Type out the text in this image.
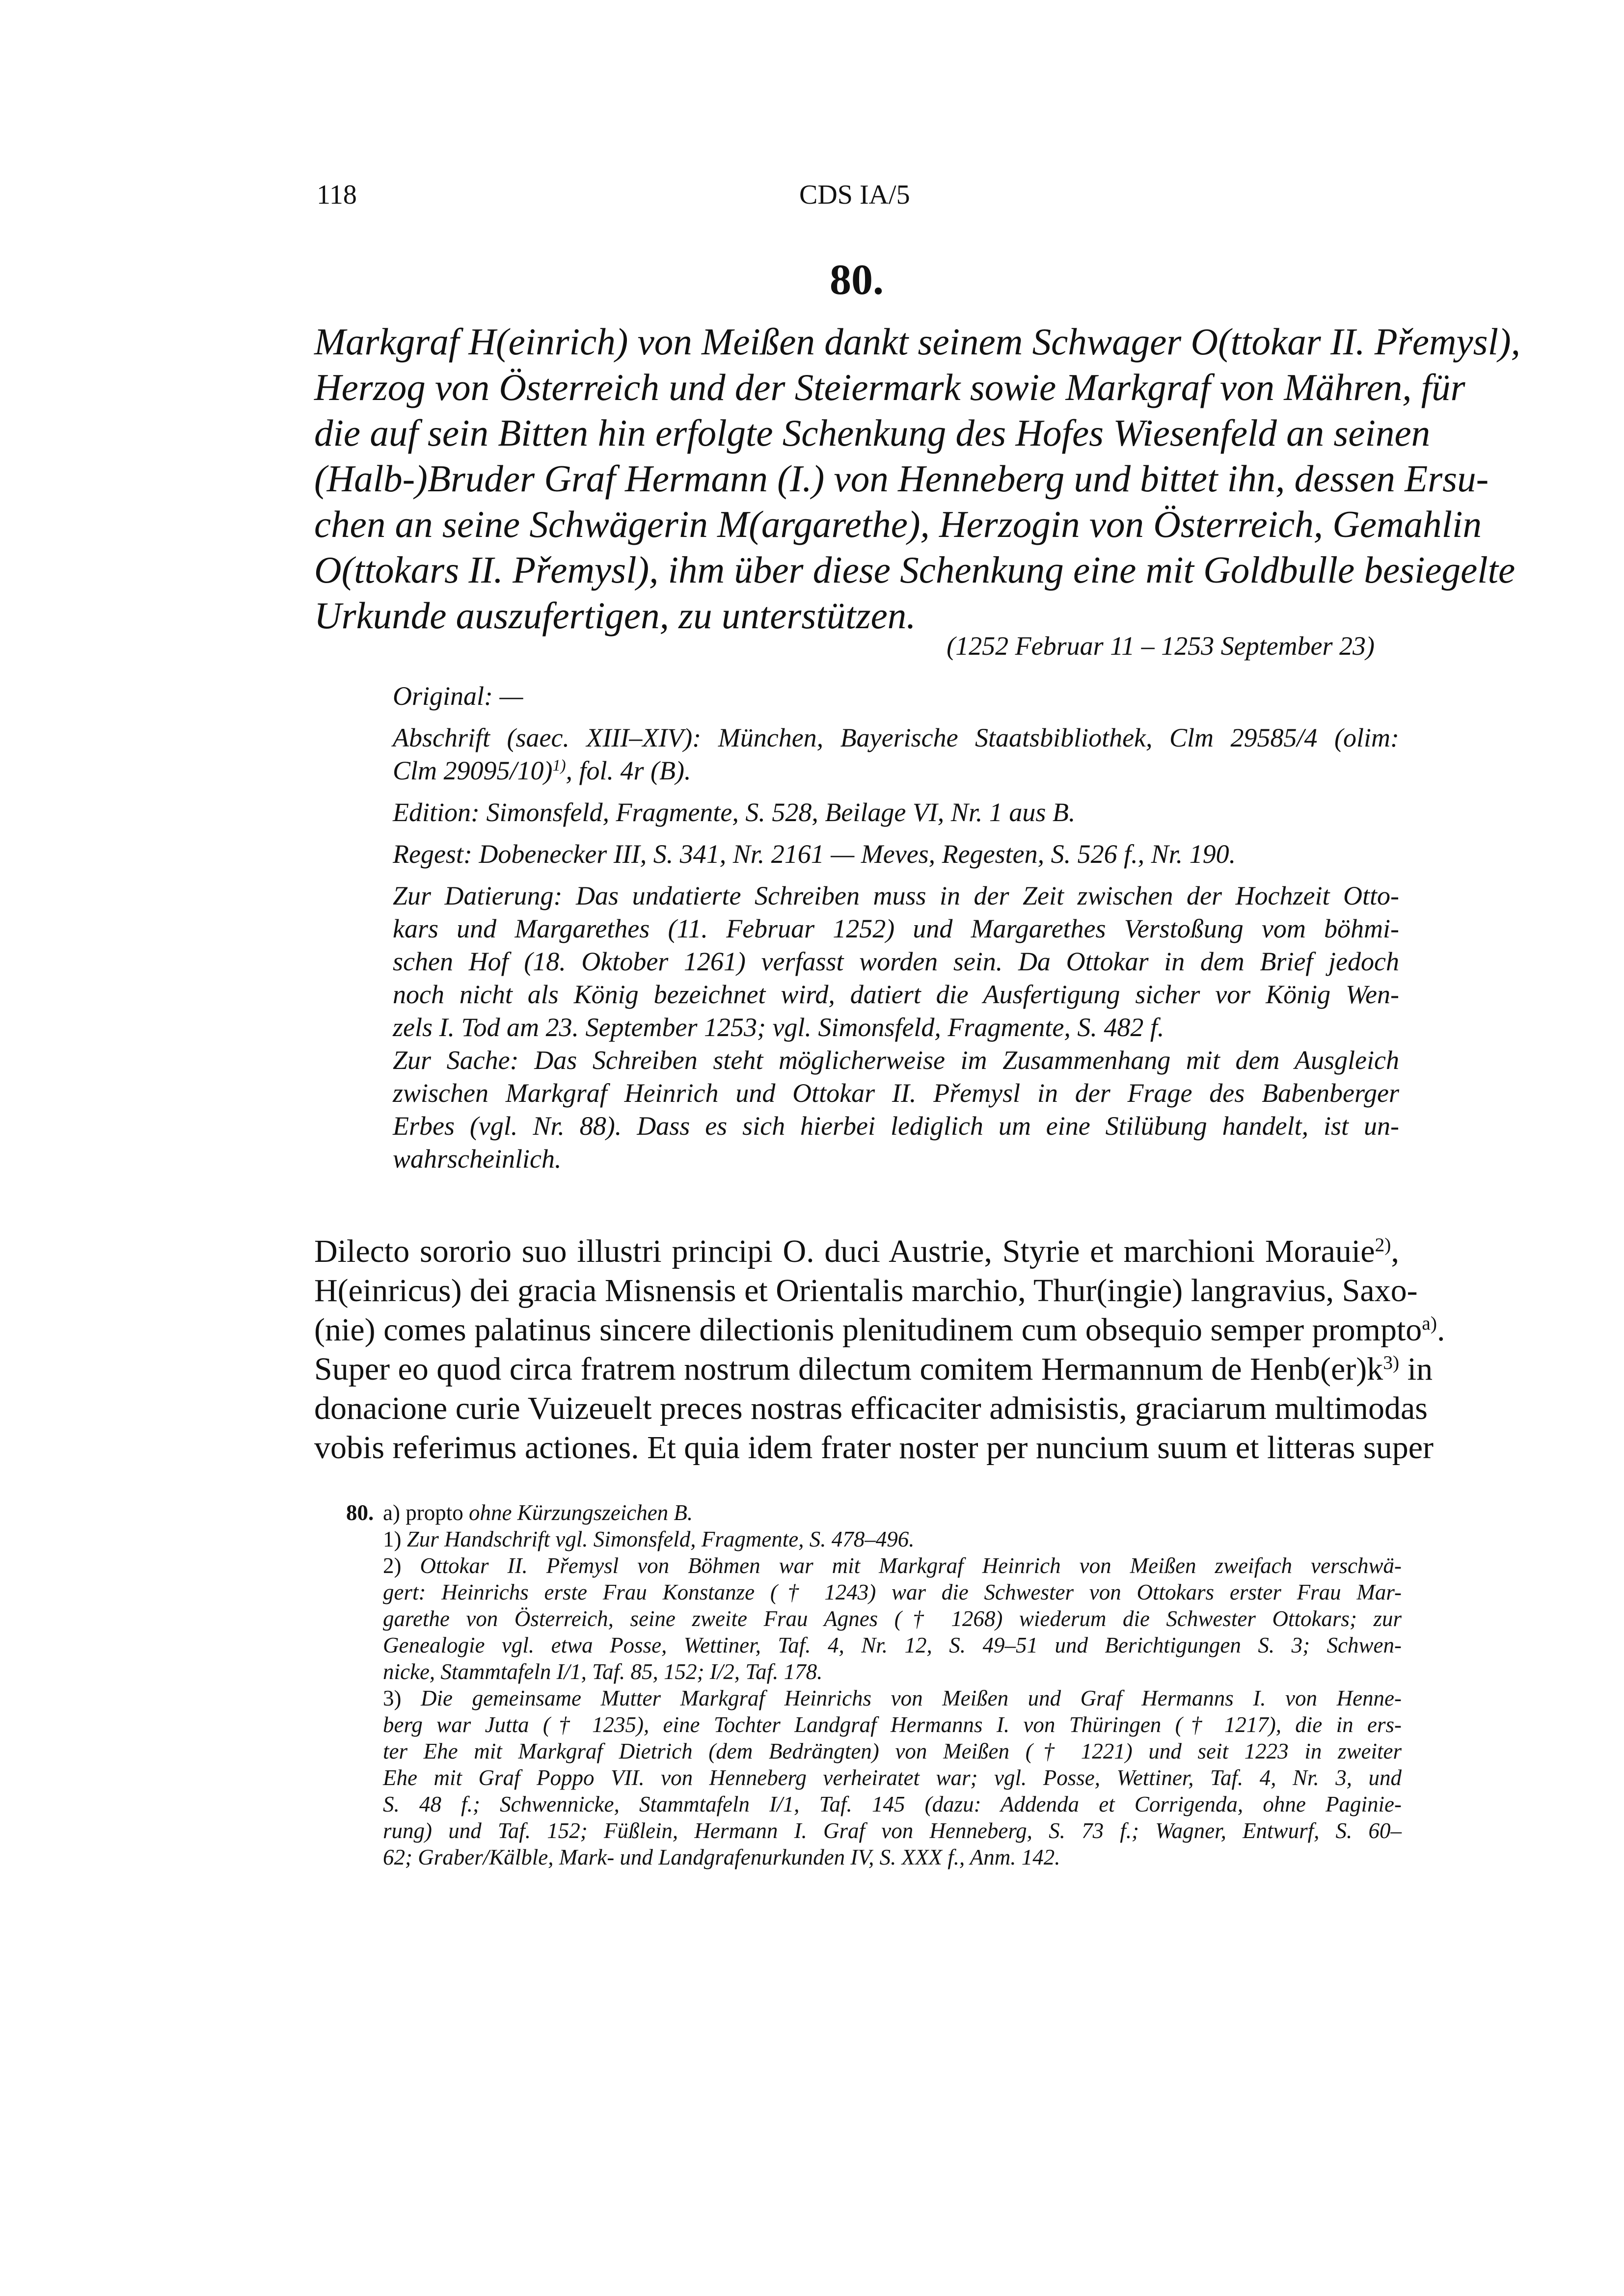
118	CDS IA/5
80.
Markgraf H(einrich) von Meißen dankt seinem Schwager O(ttokar II. Přemysl),
Herzog von Österreich und der Steiermark sowie Markgraf von Mähren, für
die auf sein Bitten hin erfolgte Schenkung des Hofes Wiesenfeld an seinen
(Halb-)Bruder Graf Hermann (I.) von Henneberg und bittet ihn, dessen Ersu-
chen an seine Schwägerin M(argarethe), Herzogin von Österreich, Gemahlin
O(ttokars II. Přemysl), ihm über diese Schenkung eine mit Goldbulle besiegelte
Urkunde auszufertigen, zu unterstützen.
(1252 Februar 11 – 1253 September 23)

Original: —

Abschrift (saec. XIII–XIV): München, Bayerische Staatsbibliothek, Clm 29585/4 (olim:
Clm 29095/10)$^{1)}$, fol. 4r (B).

Edition: Simonsfeld, Fragmente, S. 528, Beilage VI, Nr. 1 aus B.

Regest: Dobenecker III, S. 341, Nr. 2161 — Meves, Regesten, S. 526 f., Nr. 190.

Zur Datierung: Das undatierte Schreiben muss in der Zeit zwischen der Hochzeit Otto-
kars und Margarethes (11. Februar 1252) und Margarethes Verstoßung vom böhmi-
schen Hof (18. Oktober 1261) verfasst worden sein. Da Ottokar in dem Brief jedoch
noch nicht als König bezeichnet wird, datiert die Ausfertigung sicher vor König Wen-
zels I. Tod am 23. September 1253; vgl. Simonsfeld, Fragmente, S. 482 f.

Zur Sache: Das Schreiben steht möglicherweise im Zusammenhang mit dem Ausgleich
zwischen Markgraf Heinrich und Ottokar II. Přemysl in der Frage des Babenberger
Erbes (vgl. Nr. 88). Dass es sich hierbei lediglich um eine Stilübung handelt, ist un-
wahrscheinlich.

Dilecto sororio suo illustri principi O. duci Austrie, Styrie et marchioni Morauie$^{2)}$,
H(einricus) dei gracia Misnensis et Orientalis marchio, Thur(ingie) langravius, Saxo-
(nie) comes palatinus sincere dilectionis plenitudinem cum obsequio semper prompto$^{a)}$.
Super eo quod circa fratrem nostrum dilectum comitem Hermannum de $Henb(er)k^{3)}$ in
donacione curie Vuizeuelt preces nostras efficaciter admisistis, graciarum multimodas
vobis referimus actiones. Et quia idem frater noster per nuncium suum et litteras super
80. a) propto ohne Kürzungszeichen B.
1) Zur Handschrift vgl. Simonsfeld, Fragmente, S. 478–496.
2) Ottokar II. Přemysl von Böhmen war mit Markgraf Heinrich von Meißen zweifach verschwä-
gert: Heinrichs erste Frau Konstanze († 1243) war die Schwester von Ottokars erster Frau Mar-
garethe von Österreich, seine zweite Frau Agnes († 1268) wiederum die Schwester Ottokars; zur
Genealogie vgl. etwa Posse, Wettiner, Taf. 4, Nr. 12, S. 49–51 und Berichtigungen S. 3; Schwen-
nicke, Stammtafeln I/1, Taf. 85, 152; I/2, Taf. 178.
3) Die gemeinsame Mutter Markgraf Heinrichs von Meißen und Graf Hermanns I. von Henne-
berg war Jutta († 1235), eine Tochter Landgraf Hermanns I. von Thüringen († 1217), die in ers-
ter Ehe mit Markgraf Dietrich (dem Bedrängten) von Meißen († 1221) und seit 1223 in zweiter
Ehe mit Graf Poppo VII. von Henneberg verheiratet war; vgl. Posse, Wettiner, Taf. 4, Nr. 3, und
S. 48 f.; Schwennicke, Stammtafeln I/1, Taf. 145 (dazu: Addenda et Corrigenda, ohne Paginie-
rung) und Taf. 152; Füßlein, Hermann I. Graf von Henneberg, S. 73 f.; Wagner, Entwurf, S. 60–
62; Graber/Kälble, Mark- und Landgrafenurkunden IV, S. XXX f., Anm. 142.
